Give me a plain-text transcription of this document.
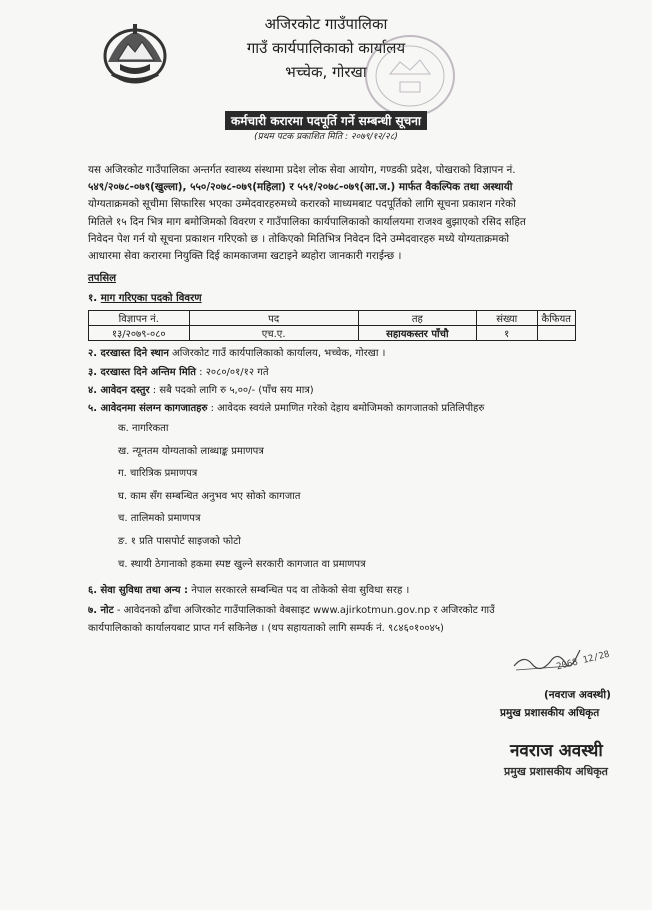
अजिरकोट गाउँपालिका
गाउँ कार्यपालिकाको कार्यालय
भच्चेक, गोरखा
कर्मचारी करारमा पदपूर्ति गर्ने सम्बन्धी सूचना
(प्रथम पटक प्रकाशित मिति : २०७९/१२/२८)
यस अजिरकोट गाउँपालिका अन्तर्गत स्वास्थ्य संस्थामा प्रदेश लोक सेवा आयोग, गण्डकी प्रदेश, पोखराको विज्ञापन नं.
५४९/२०७८-०७९(खुल्ला), ५५०/२०७८-०७९(महिला) र ५५१/२०७८-०७९(आ.ज.) मार्फत वैकल्पिक तथा अस्थायी
योग्यताक्रमको सूचीमा सिफारिस भएका उम्मेदवारहरुमध्ये करारको माध्यमबाट पदपूर्तिको लागि सूचना प्रकाशन गरेको
मितिले १५ दिन भित्र माग बमोजिमको विवरण र गाउँपालिका कार्यपालिकाको कार्यालयमा राजश्व बुझाएको रसिद सहित
निवेदन पेश गर्न यो सूचना प्रकाशन गरिएको छ । तोकिएको मितिभित्र निवेदन दिने उम्मेदवारहरु मध्ये योग्यताक्रमको
आधारमा सेवा करारमा नियुक्ति दिई कामकाजमा खटाइने ब्यहोरा जानकारी गराईन्छ ।
तपसिल
१. माग गरिएका पदको विवरण
विज्ञापन नं.	पद	तह	संख्या	कैफियत
१३/२०७९-०८०	एच.ए.	सहायकस्तर पाँचौ	१	
२. दरखास्त दिने स्थान अजिरकोट गाउँ कार्यपालिकाको कार्यालय, भच्चेक, गोरखा ।
३. दरखास्त दिने अन्तिम मिति : २०८०/०१/१२ गते
४. आवेदन दस्तुर : सबै पदको लागि रु ५,००/- (पाँच सय मात्र)
५. आवेदनमा संलग्न कागजातहरु : आवेदक स्वयंले प्रमाणित गरेको देहाय बमोजिमको कागजातको प्रतिलिपीहरु
क. नागरिकता
ख. न्यूनतम योग्यताको लाब्धाङ्क प्रमाणपत्र
ग. चारित्रिक प्रमाणपत्र
घ. काम सँग सम्बन्धित अनुभव भए सोको कागजात
च. तालिमको प्रमाणपत्र
ङ. १ प्रति पासपोर्ट साइजको फोटो
च. स्थायी ठेगानाको हकमा स्पष्ट खुल्ने सरकारी कागजात वा प्रमाणपत्र
६. सेवा सुविधा तथा अन्य : नेपाल सरकारले सम्बन्धित पद वा तोकेको सेवा सुविधा सरह ।
७. नोट - आवेदनको ढाँचा अजिरकोट गाउँपालिकाको वेबसाइट www.ajirkotmun.gov.np र अजिरकोट गाउँ
कार्यपालिकाको कार्यालयबाट प्राप्त गर्न सकिनेछ । (थप सहायताको लागि सम्पर्क नं. ९८४६०१००४५)
2068 12/28
(नवराज अवस्थी)
प्रमुख प्रशासकीय अधिकृत
नवराज अवस्थी
प्रमुख प्रशासकीय अधिकृत
